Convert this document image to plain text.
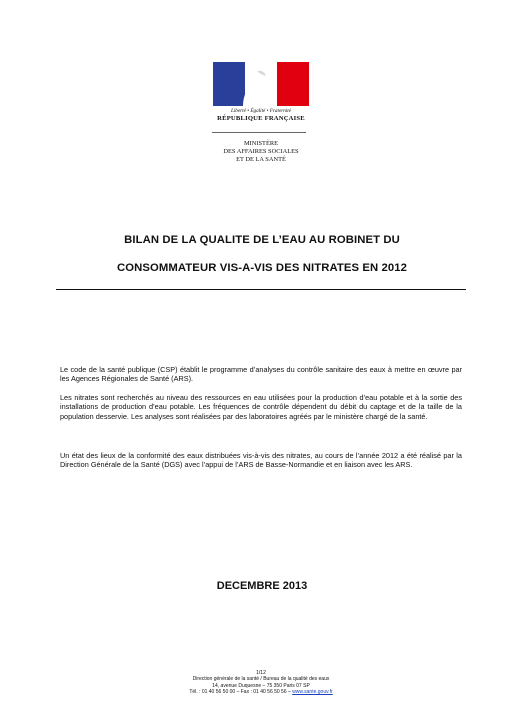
Liberté • Égalité • Fraternité
RÉPUBLIQUE FRANÇAISE
MINISTÈRE
DES AFFAIRES SOCIALES
ET DE LA SANTÉ
BILAN DE LA QUALITE DE L’EAU AU ROBINET DU
CONSOMMATEUR VIS-A-VIS DES NITRATES EN 2012
Le code de la santé publique (CSP) établit le programme d’analyses du contrôle sanitaire des eaux à mettre en œuvre par les Agences Régionales de Santé (ARS).
Les nitrates sont recherchés au niveau des ressources en eau utilisées pour la production d’eau potable et à la sortie des installations de production d’eau potable. Les fréquences de contrôle dépendent du débit du captage et de la taille de la population desservie. Les analyses sont réalisées par des laboratoires agréés par le ministère chargé de la santé.
Un état des lieux de la conformité des eaux distribuées vis-à-vis des nitrates, au cours de l’année 2012 a été réalisé par la Direction Générale de la Santé (DGS) avec l’appui de l’ARS de Basse-Normandie et en liaison avec les ARS.
DECEMBRE 2013
1/12
Direction générale de la santé / Bureau de la qualité des eaux
14, avenue Duquesne – 75 350 Paris 07 SP
Tél. : 01 40 56 50 00 – Fax : 01 40 56 50 56 – www.sante.gouv.fr
